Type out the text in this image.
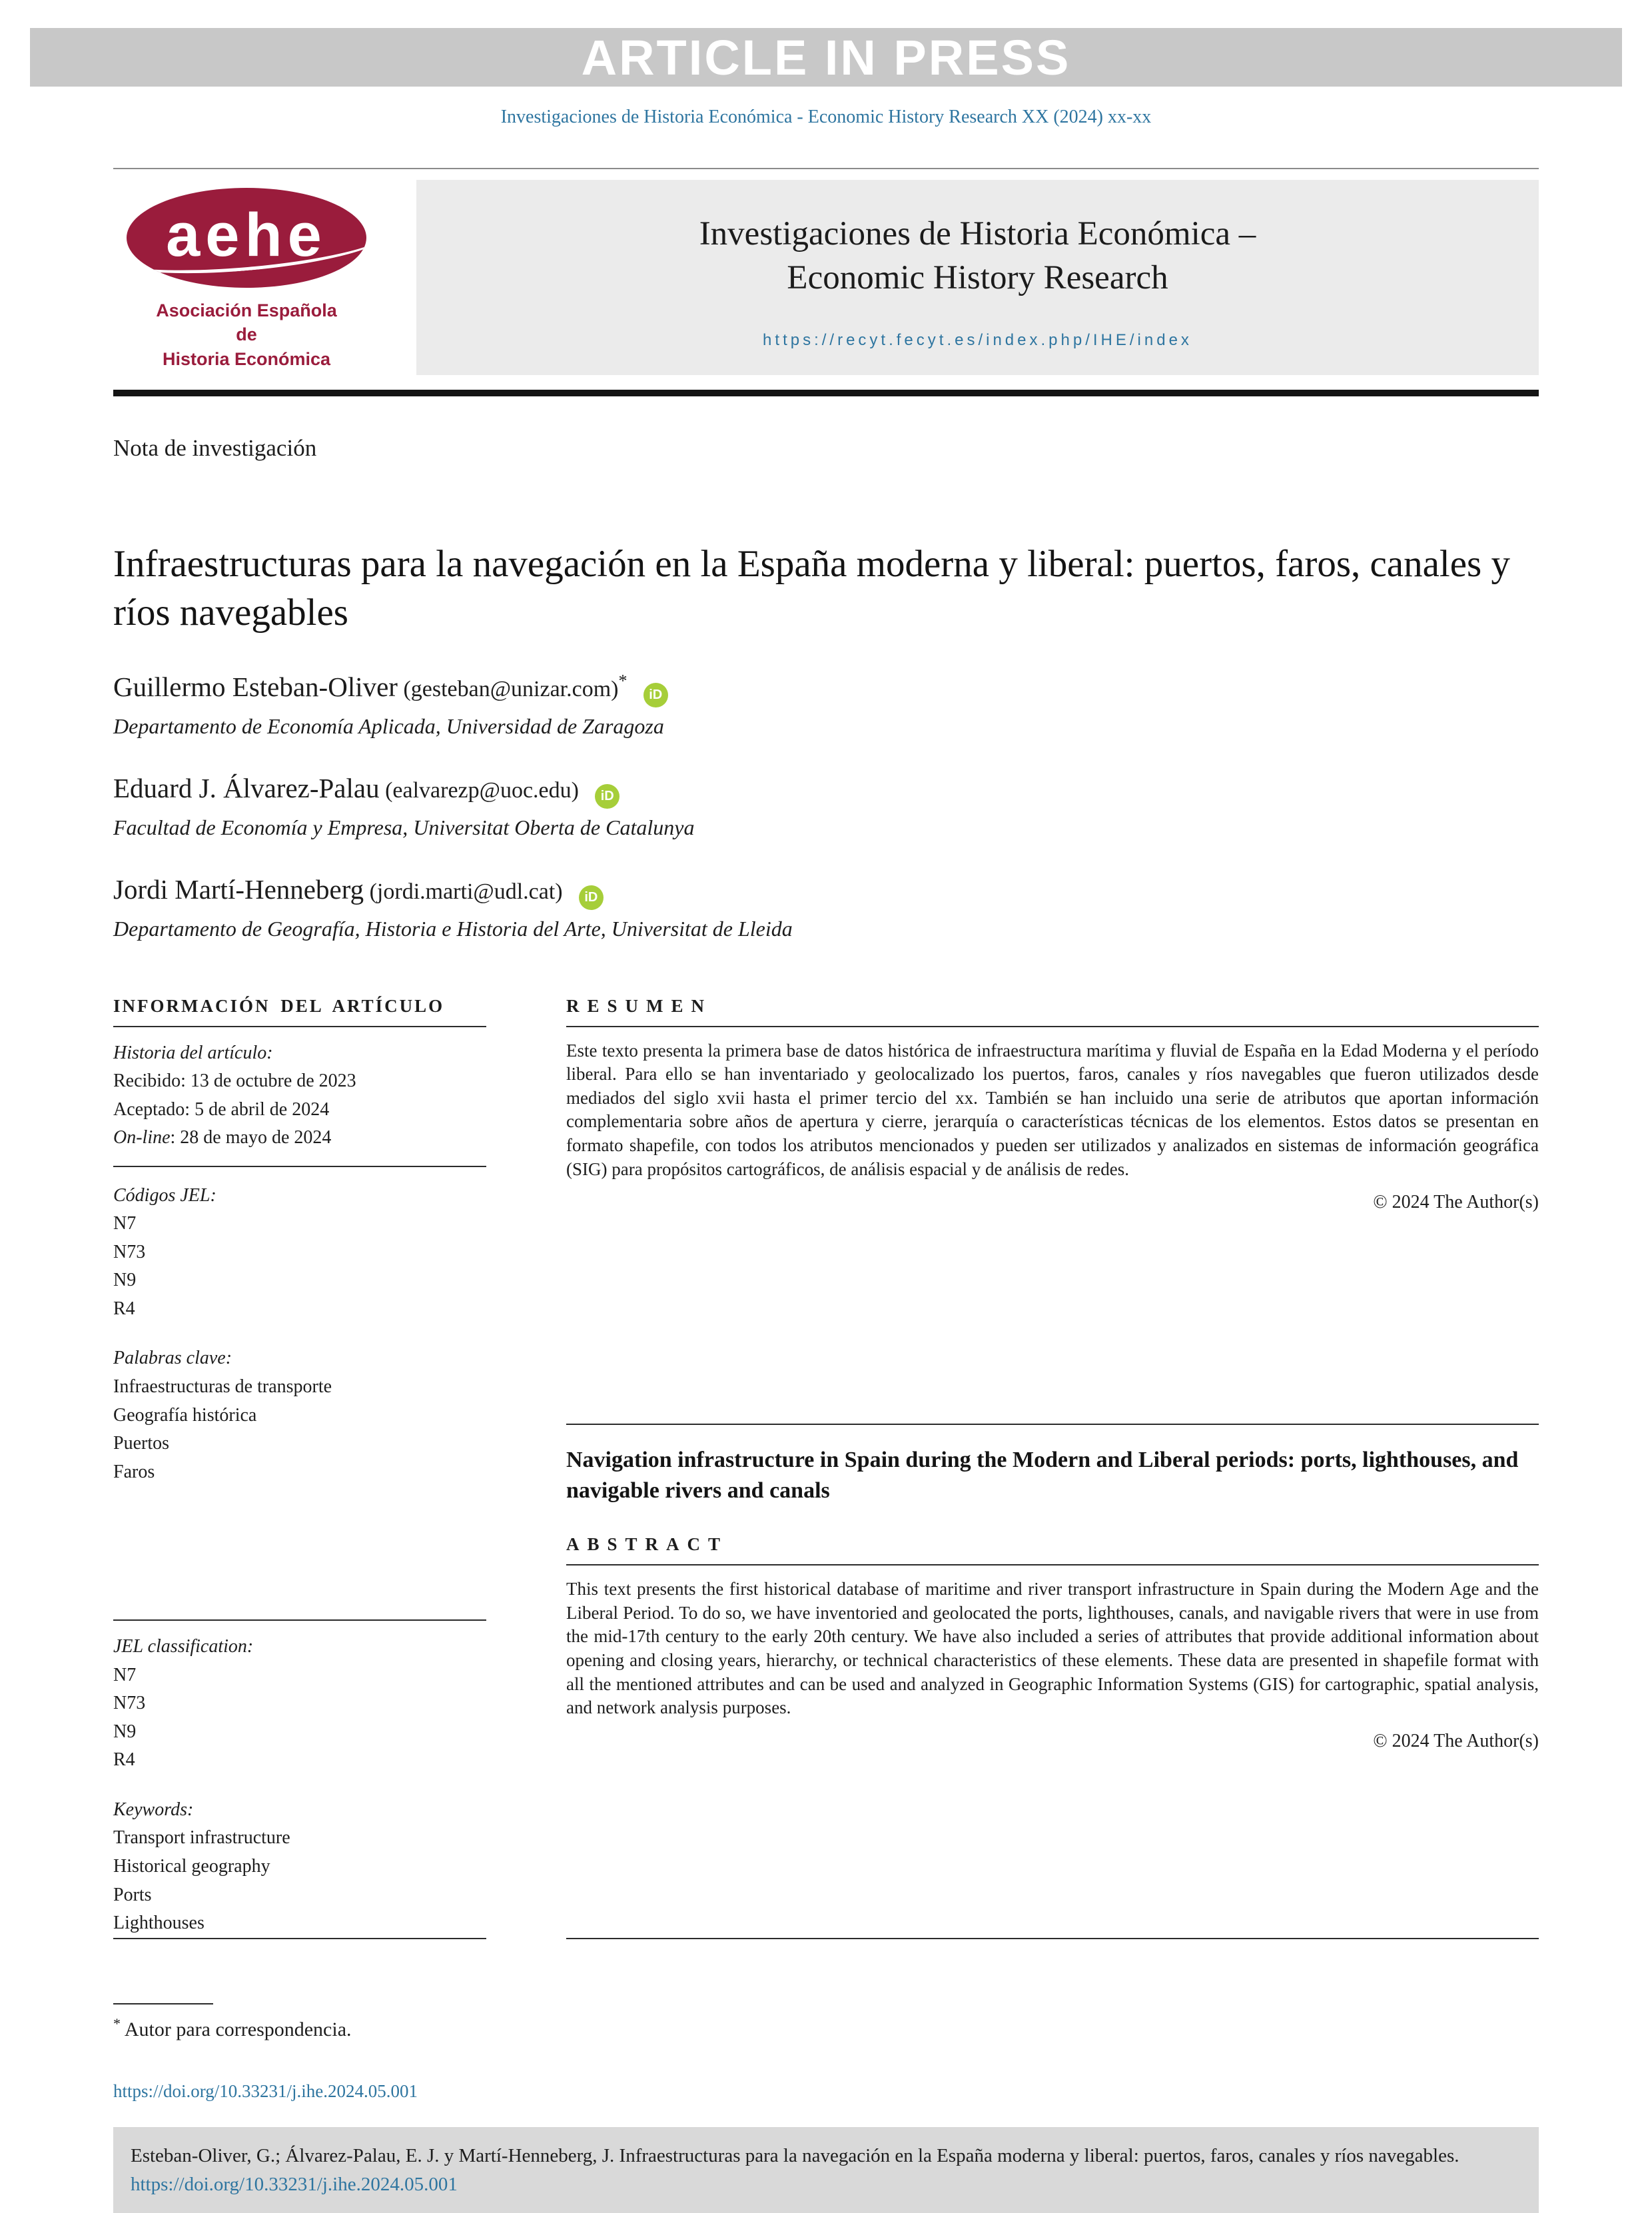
ARTICLE IN PRESS
Investigaciones de Historia Económica - Economic History Research XX (2024) xx-xx
aehe
Asociación Española
de
Historia Económica
Investigaciones de Historia Económica –
Economic History Research
https://recyt.fecyt.es/index.php/IHE/index
Nota de investigación
Infraestructuras para la navegación en la España moderna y liberal: puertos, faros, canales y ríos navegables
Guillermo Esteban-Oliver (gesteban@unizar.com)* iD
Departamento de Economía Aplicada, Universidad de Zaragoza
Eduard J. Álvarez-Palau (ealvarezp@uoc.edu) iD
Facultad de Economía y Empresa, Universitat Oberta de Catalunya
Jordi Martí-Henneberg (jordi.marti@udl.cat) iD
Departamento de Geografía, Historia e Historia del Arte, Universitat de Lleida
INFORMACIÓN DEL ARTÍCULO
Historia del artículo:
Recibido: 13 de octubre de 2023
Aceptado: 5 de abril de 2024
On-line: 28 de mayo de 2024
Códigos JEL:
N7
N73
N9
R4
Palabras clave:
Infraestructuras de transporte
Geografía histórica
Puertos
Faros
JEL classification:
N7
N73
N9
R4
Keywords:
Transport infrastructure
Historical geography
Ports
Lighthouses
RESUMEN

Este texto presenta la primera base de datos histórica de infraestructura marítima y fluvial de España en la Edad Moderna y el período liberal. Para ello se han inventariado y geolocalizado los puertos, faros, canales y ríos navegables que fueron utilizados desde mediados del siglo xvii hasta el primer tercio del xx. También se han incluido una serie de atributos que aportan información complementaria sobre años de apertura y cierre, jerarquía o características técnicas de los elementos. Estos datos se presentan en formato shapefile, con todos los atributos mencionados y pueden ser utilizados y analizados en sistemas de información geográfica (SIG) para propósitos cartográficos, de análisis espacial y de análisis de redes.

© 2024 The Author(s)
Navigation infrastructure in Spain during the Modern and Liberal periods: ports, lighthouses, and navigable rivers and canals
ABSTRACT

This text presents the first historical database of maritime and river transport infrastructure in Spain during the Modern Age and the Liberal Period. To do so, we have inventoried and geolocated the ports, lighthouses, canals, and navigable rivers that were in use from the mid-17th century to the early 20th century. We have also included a series of attributes that provide additional information about opening and closing years, hierarchy, or technical characteristics of these elements. These data are presented in shapefile format with all the mentioned attributes and can be used and analyzed in Geographic Information Systems (GIS) for cartographic, spatial analysis, and network analysis purposes.

© 2024 The Author(s)
* Autor para correspondencia.
https://doi.org/10.33231/j.ihe.2024.05.001
Esteban-Oliver, G.; Álvarez-Palau, E. J. y Martí-Henneberg, J. Infraestructuras para la navegación en la España moderna y liberal: puertos, faros, canales y ríos navegables. https://doi.org/10.33231/j.ihe.2024.05.001
